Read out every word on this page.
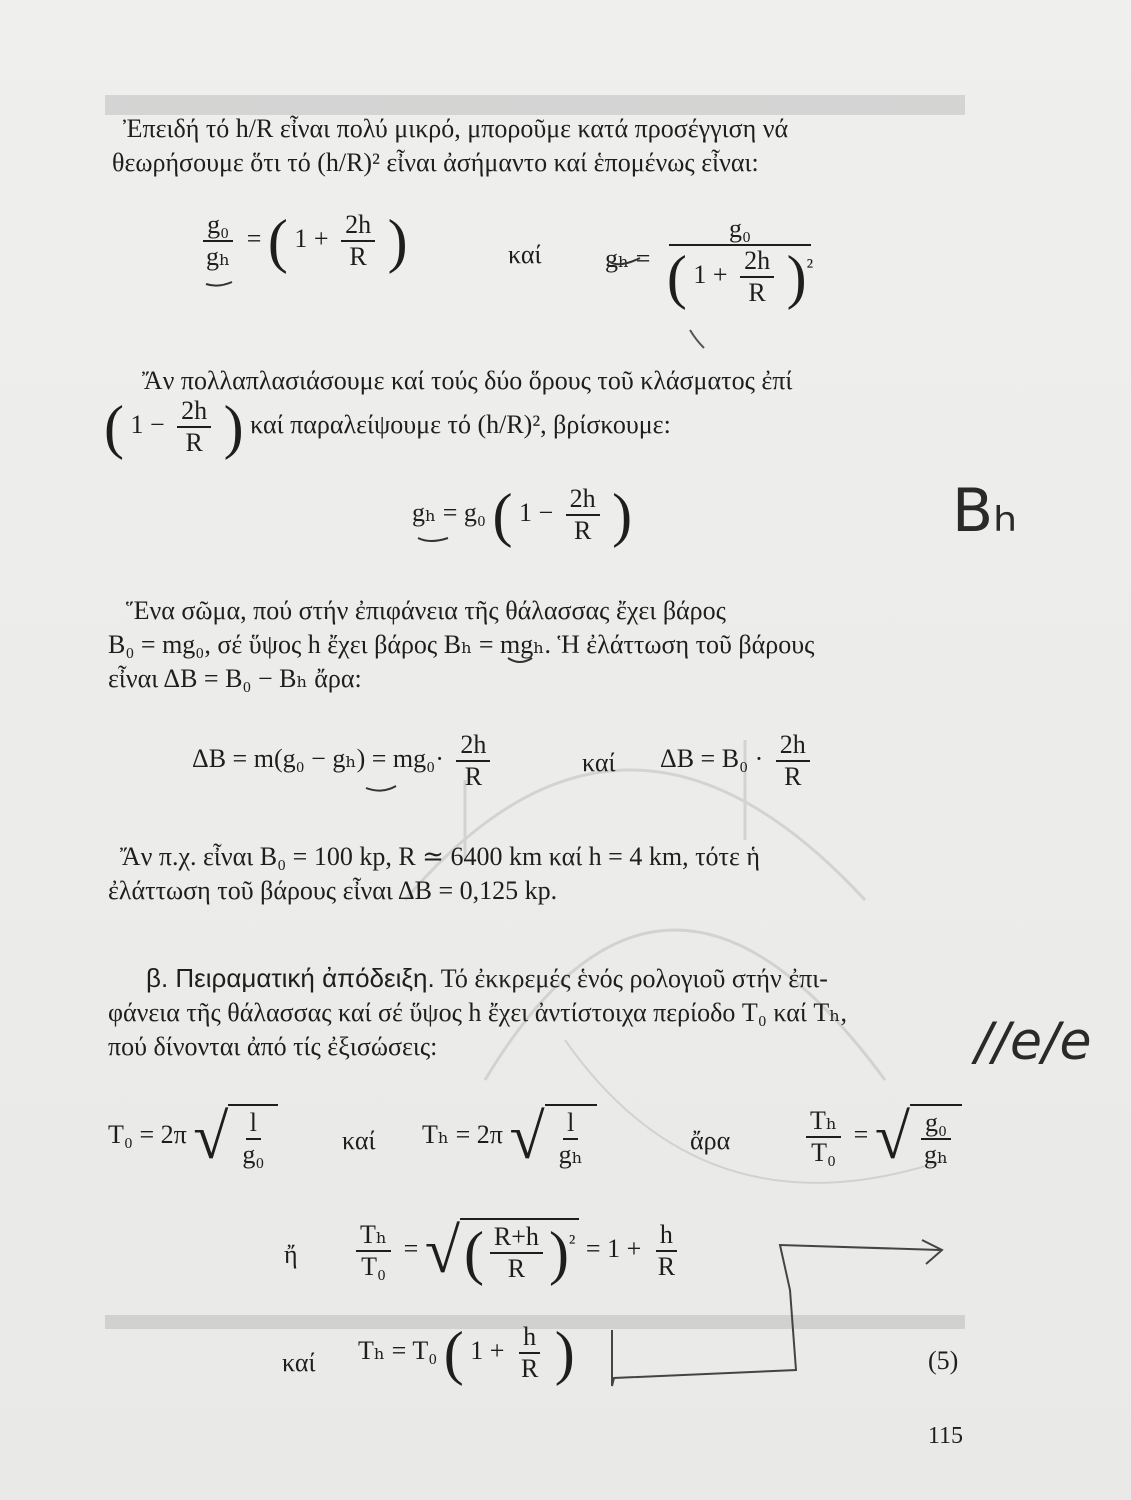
Ἐπειδή τό h/R εἶναι πολύ μικρό, μποροῦμε κατά προσέγγιση νά
θεωρήσουμε ὅτι τό (h/R)² εἶναι ἀσήμαντο καί ἑπομένως εἶναι:
$\frac{\text{g₀}}{\text{gₕ}}$ = ( $1 + \frac{2h}{R}$ )	καί gₕ =
g₀
( $1 + \frac{2h}{R} )^{^2}$
Ἄν πολλαπλασιάσουμε καί τούς δύο ὅρους τοῦ κλάσματος ἐπί
( $1 - \frac{2h}{R}$ ) καί παραλείψουμε τό (h/R)², βρίσκουμε:
gₕ = g₀ ( $1 - \frac{2h}{R}$ )
Ἕνα σῶμα, πού στήν ἐπιφάνεια τῆς θάλασσας ἔχει βάρος
B₀ = mg₀, σέ ὕψος h ἔχει βάρος Bₕ = mgₕ. Ἡ ἐλάττωση τοῦ βάρους
εἶναι ΔB = B₀ − Bₕ ἄρα:
$\Delta B = m(g_0 - g_h) = mg_0\cdot \frac{2h}{R}$	καί $\Delta B = B_0 \cdot \frac{2h}{R}$
Ἄν π.χ. εἶναι B₀ = 100 kp, R ≃ 6400 km καί h = 4 km, τότε ἡ
ἐλάττωση τοῦ βάρους εἶναι ΔB = 0,125 kp.
β. Πειραματική ἀπόδειξη. Τό ἐκκρεμές ἑνός ρολογιοῦ στήν ἐπι-
φάνεια τῆς θάλασσας καί σέ ὕψος h ἔχει ἀντίστοιχα περίοδο T₀ καί Tₕ,
πού δίνονται ἀπό τίς ἐξισώσεις:
T₀ = 2π √ $\frac{l}{\text{g₀}}$	καί Tₕ = 2π √ $\frac{l}{\text{gₕ}}$	ἄρα	$\frac{\text{Tₕ}}{\text{T₀}}$ = √ $\frac{\text{g₀}}{\text{gₕ}}$
ἤ $\frac{\text{Tₕ}}{\text{T₀}}$ = √ ( $\frac{R+h}{R} )^{^2} = 1 + \frac{h}{R}$
καί Tₕ = T₀ ( $1 + \frac{h}{R}$ )	(5)
Bₕ
//e/e
115
